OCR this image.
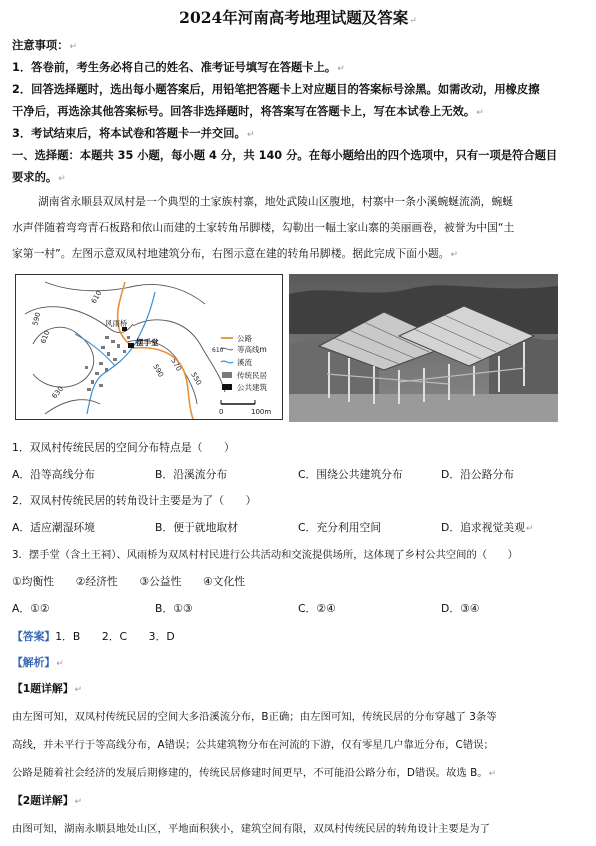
2024年河南高考地理试题及答案↵
注意事项：↵
1．答卷前，考生务必将自己的姓名、准考证号填写在答题卡上。↵
2．回答选择题时，选出每小题答案后，用铅笔把答题卡上对应题目的答案标号涂黑。如需改动，用橡皮擦
干净后，再选涂其他答案标号。回答非选择题时，将答案写在答题卡上，写在本试卷上无效。↵
3．考试结束后，将本试卷和答题卡一并交回。↵
一、选择题：本题共 35 小题，每小题 4 分，共 140 分。在每小题给出的四个选项中，只有一项是符合题目
要求的。↵
湖南省永顺县双凤村是一个典型的土家族村寨，地处武陵山区腹地，村寨中一条小溪蜿蜒流淌，蜿蜒
水声伴随着弯弯青石板路和依山而建的土家转角吊脚楼，勾勒出一幅土家山寨的美丽画卷，被誉为中国“土
家第一村”。左图示意双凤村地建筑分布，右图示意在建的转角吊脚楼。据此完成下面小题。↵
610
590
610
590 570
550
630
风雨桥
摆手堂	公路
610 等高线m
溪流
传统民居
公共建筑
0	100m
1．双凤村传统民居的空间分布特点是（　　）
A．沿等高线分布	B．沿溪流分布	C．围绕公共建筑分布	D．沿公路分布
2．双凤村传统民居的转角设计主要是为了（　　）
A．适应潮湿环境	B．便于就地取材	C．充分利用空间	D．追求视觉美观↵
3．摆手堂（含土王祠）、风雨桥为双凤村村民进行公共活动和交流提供场所，这体现了乡村公共空间的（　　）
①均衡性　　②经济性　　③公益性　　④文化性
A．①②	B．①③	C．②④	D．③④
【答案】1．B　　2．C　　3．D
【解析】↵
【1题详解】↵
由左图可知，双凤村传统民居的空间大多沿溪流分布，B正确；由左图可知，传统民居的分布穿越了 3条等
高线，并未平行于等高线分布，A错误；公共建筑物分布在河流的下游，仅有零星几户靠近分布，C错误；
公路是随着社会经济的发展后期修建的，传统民居修建时间更早，不可能沿公路分布，D错误。故选 B。↵
【2题详解】↵
由图可知，湖南永顺县地处山区，平地面积狭小，建筑空间有限，双凤村传统民居的转角设计主要是为了
